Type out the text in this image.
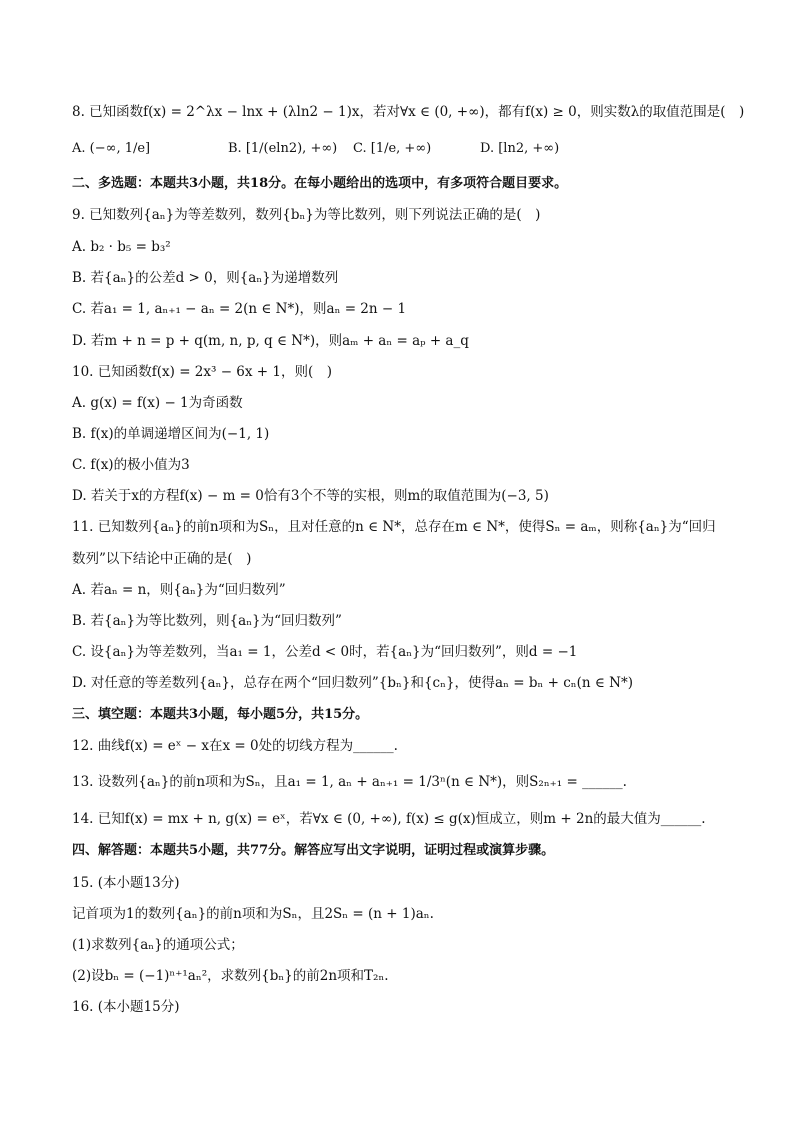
8. 已知函数f(x) = 2^λx − lnx + (λln2 − 1)x，若对∀x ∈ (0, +∞)，都有f(x) ≥ 0，则实数λ的取值范围是(　)
A. (−∞, 1/e]	B. [1/(eln2), +∞) C. [1/e, +∞)	D. [ln2, +∞)
二、多选题：本题共3小题，共18分。在每小题给出的选项中，有多项符合题目要求。
9. 已知数列{aₙ}为等差数列，数列{bₙ}为等比数列，则下列说法正确的是(　)
A. b₂ · b₅ = b₃²
B. 若{aₙ}的公差d > 0，则{aₙ}为递增数列
C. 若a₁ = 1, aₙ₊₁ − aₙ = 2(n ∈ N*)，则aₙ = 2n − 1
D. 若m + n = p + q(m, n, p, q ∈ N*)，则aₘ + aₙ = aₚ + a_q
10. 已知函数f(x) = 2x³ − 6x + 1，则(　)
A. g(x) = f(x) − 1为奇函数
B. f(x)的单调递增区间为(−1, 1)
C. f(x)的极小值为3
D. 若关于x的方程f(x) − m = 0恰有3个不等的实根，则m的取值范围为(−3, 5)
11. 已知数列{aₙ}的前n项和为Sₙ，且对任意的n ∈ N*，总存在m ∈ N*，使得Sₙ = aₘ，则称{aₙ}为“回归
数列”以下结论中正确的是(　)
A. 若aₙ = n，则{aₙ}为“回归数列”
B. 若{aₙ}为等比数列，则{aₙ}为“回归数列”
C. 设{aₙ}为等差数列，当a₁ = 1，公差d < 0时，若{aₙ}为“回归数列”，则d = −1
D. 对任意的等差数列{aₙ}，总存在两个“回归数列”{bₙ}和{cₙ}，使得aₙ = bₙ + cₙ(n ∈ N*)
三、填空题：本题共3小题，每小题5分，共15分。
12. 曲线f(x) = eˣ − x在x = 0处的切线方程为______.
13. 设数列{aₙ}的前n项和为Sₙ，且a₁ = 1, aₙ + aₙ₊₁ = 1/3ⁿ(n ∈ N*)，则S₂ₙ₊₁ = ______.
14. 已知f(x) = mx + n, g(x) = eˣ，若∀x ∈ (0, +∞), f(x) ≤ g(x)恒成立，则m + 2n的最大值为______.
四、解答题：本题共5小题，共77分。解答应写出文字说明，证明过程或演算步骤。
15. (本小题13分)
记首项为1的数列{aₙ}的前n项和为Sₙ，且2Sₙ = (n + 1)aₙ.
(1)求数列{aₙ}的通项公式；
(2)设bₙ = (−1)ⁿ⁺¹aₙ²，求数列{bₙ}的前2n项和T₂ₙ.
16. (本小题15分)
